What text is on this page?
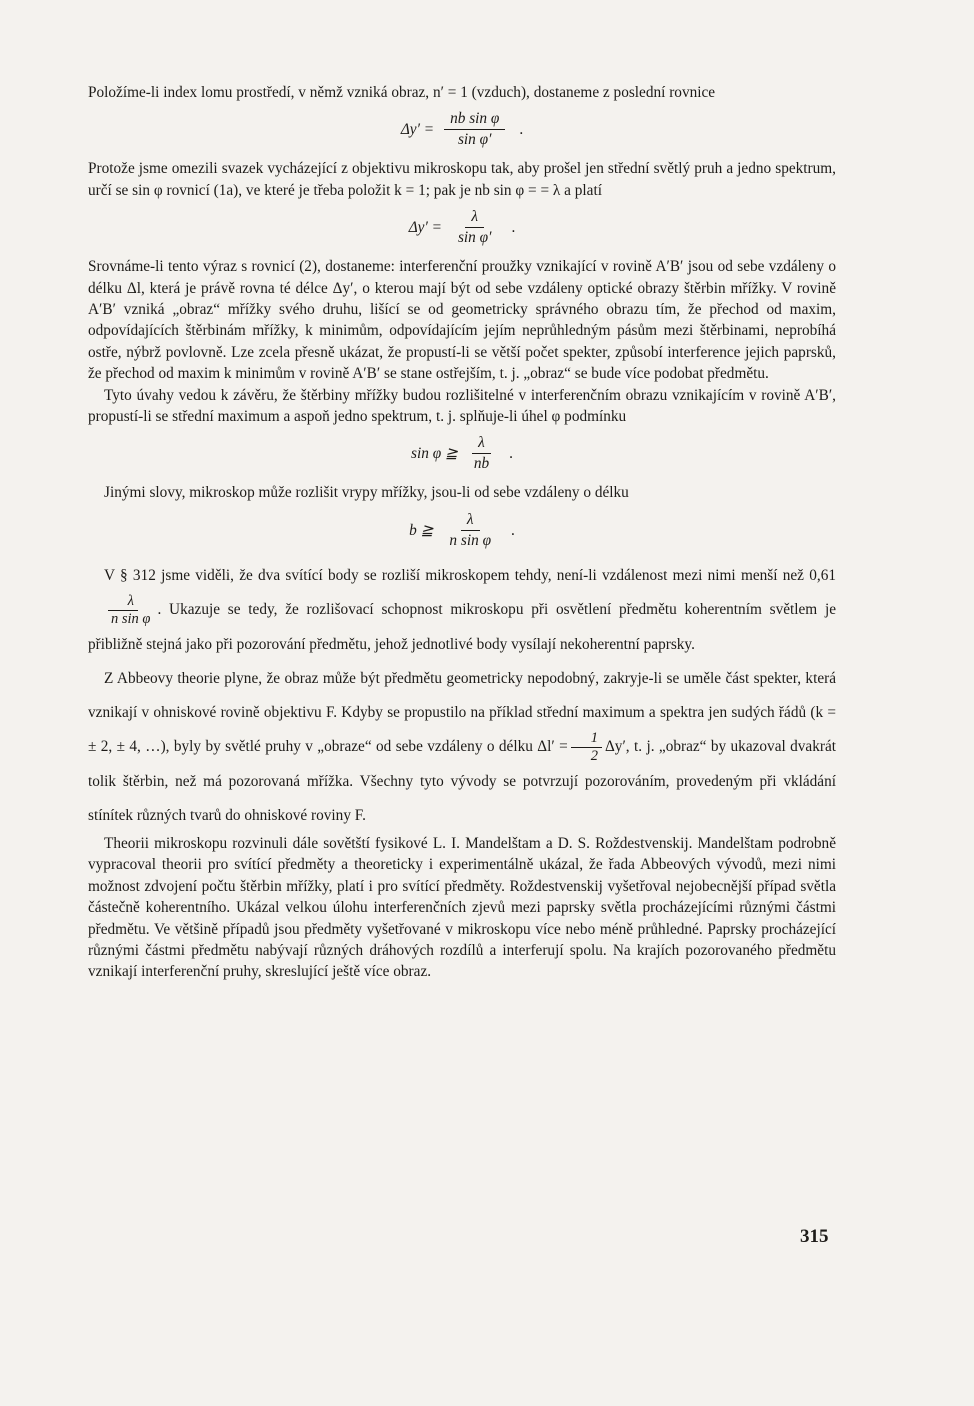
Položíme-li index lomu prostředí, v němž vzniká obraz, n′ = 1 (vzduch), dostaneme z poslední rovnice

$\Delta y' = \frac{\text{nb sin φ}}{\text{sin φ′}}$ .

Protože jsme omezili svazek vycházející z objektivu mikroskopu tak, aby prošel jen střední světlý pruh a jedno spektrum, určí se sin φ rovnicí (1a), ve které je třeba položit k = 1; pak je nb sin φ = = λ a platí

$\Delta y' = \frac{\lambda}{\text{sin φ′}}$ .

Srovnáme-li tento výraz s rovnicí (2), dostaneme: interferenční proužky vznikající v rovině A′B′ jsou od sebe vzdáleny o délku Δl, která je právě rovna té délce Δy′, o kterou mají být od sebe vzdáleny optické obrazy štěrbin mřížky. V rovině A′B′ vzniká „obraz“ mřížky svého druhu, lišící se od geometricky správného obrazu tím, že přechod od maxim, odpovídajících štěrbinám mřížky, k minimům, odpovídajícím jejím neprůhledným pásům mezi štěrbinami, neprobíhá ostře, nýbrž povlovně. Lze zcela přesně ukázat, že propustí-li se větší počet spekter, způsobí interference jejich paprsků, že přechod od maxim k minimům v rovině A′B′ se stane ostřejším, t. j. „obraz“ se bude více podobat předmětu.

Tyto úvahy vedou k závěru, že štěrbiny mřížky budou rozlišitelné v interferenčním obrazu vznikajícím v rovině A′B′, propustí-li se střední maximum a aspoň jedno spektrum, t. j. splňuje-li úhel φ podmínku

sin φ ≧ $\frac{\lambda}{nb}$ .

Jinými slovy, mikroskop může rozlišit vrypy mřížky, jsou-li od sebe vzdáleny o délku

b ≧ $\frac{\lambda}{\text{n sin φ}}$ .

V § 312 jsme viděli, že dva svítící body se rozliší mikroskopem tehdy, není-li vzdálenost mezi nimi menší než 0,61
$\frac{\lambda}{\text{n sin φ}}$ . Ukazuje se tedy, že rozlišovací schopnost mikroskopu při osvětlení předmětu koherentním světlem je přibližně stejná jako při pozorování předmětu, jehož jednotlivé body vysílají nekoherentní paprsky.

Z Abbeovy theorie plyne, že obraz může být předmětu geometricky nepodobný, zakryje-li se uměle část spekter, která vznikají v ohniskové rovině objektivu F. Kdyby se propustilo na příklad střední maximum a spektra jen sudých řádů (k = ± 2, ± 4, …), byly by světlé pruhy v „obraze“ od sebe vzdáleny o délku $\Delta l' = \frac{1}{2} \Delta y'$, t. j. „obraz“ by ukazoval dvakrát tolik štěrbin, než má pozorovaná mřížka. Všechny tyto vývody se potvrzují pozorováním, provedeným při vkládání stínítek různých tvarů do ohniskové roviny F.

Theorii mikroskopu rozvinuli dále sovětští fysikové L. I. Mandelštam a D. S. Roždestvenskij. Mandelštam podrobně vypracoval theorii pro svítící předměty a theoreticky i experimentálně ukázal, že řada Abbeových vývodů, mezi nimi možnost zdvojení počtu štěrbin mřížky, platí i pro svítící předměty. Roždestvenskij vyšetřoval nejobecnější případ světla částečně koherentního. Ukázal velkou úlohu interferenčních zjevů mezi paprsky světla procházejícími různými částmi předmětu. Ve většině případů jsou předměty vyšetřované v mikroskopu více nebo méně průhledné. Paprsky procházející různými částmi předmětu nabývají různých dráhových rozdílů a interferují spolu. Na krajích pozorovaného předmětu vznikají interferenční pruhy, skreslující ještě více obraz.

315
